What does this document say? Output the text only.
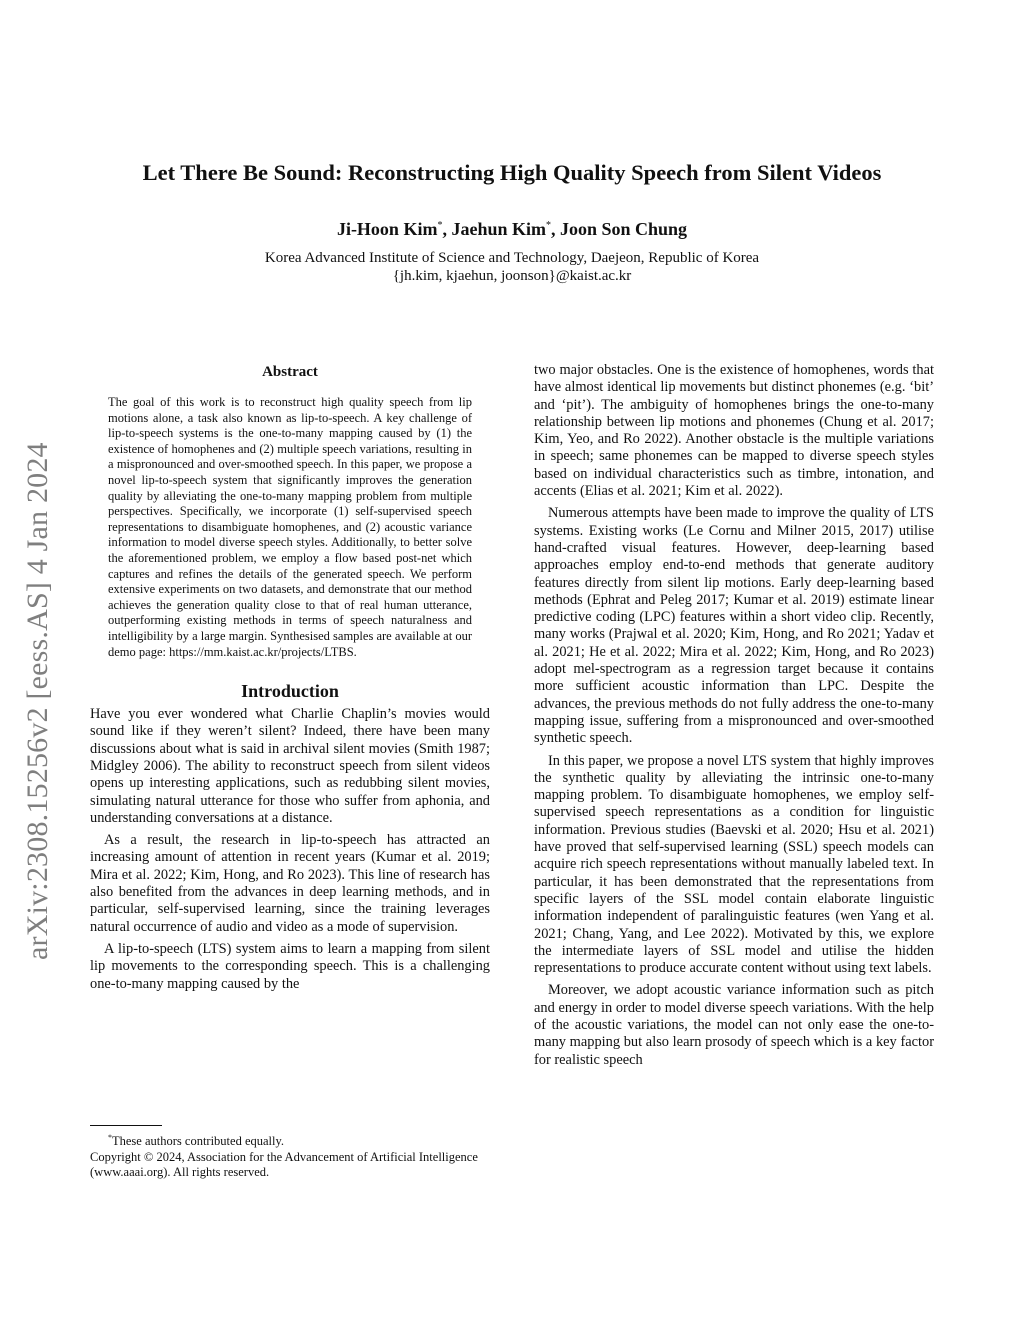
arXiv:2308.15256v2 [eess.AS] 4 Jan 2024
Let There Be Sound: Reconstructing High Quality Speech from Silent Videos
Ji-Hoon Kim*, Jaehun Kim*, Joon Son Chung
Korea Advanced Institute of Science and Technology, Daejeon, Republic of Korea
{jh.kim, kjaehun, joonson}@kaist.ac.kr
Abstract

The goal of this work is to reconstruct high quality speech from lip motions alone, a task also known as lip-to-speech. A key challenge of lip-to-speech systems is the one-to-many mapping caused by (1) the existence of homophenes and (2) multiple speech variations, resulting in a mispronounced and over-smoothed speech. In this paper, we propose a novel lip-to-speech system that significantly improves the generation quality by alleviating the one-to-many mapping problem from multiple perspectives. Specifically, we incorporate (1) self-supervised speech representations to disambiguate homophenes, and (2) acoustic variance information to model diverse speech styles. Additionally, to better solve the aforementioned problem, we employ a flow based post-net which captures and refines the details of the generated speech. We perform extensive experiments on two datasets, and demonstrate that our method achieves the generation quality close to that of real human utterance, outperforming existing methods in terms of speech naturalness and intelligibility by a large margin. Synthesised samples are available at our demo page: https://mm.kaist.ac.kr/projects/LTBS.

Introduction

Have you ever wondered what Charlie Chaplin’s movies would sound like if they weren’t silent? Indeed, there have been many discussions about what is said in archival silent movies (Smith 1987; Midgley 2006). The ability to reconstruct speech from silent videos opens up interesting applications, such as redubbing silent movies, simulating natural utterance for those who suffer from aphonia, and understanding conversations at a distance.

As a result, the research in lip-to-speech has attracted an increasing amount of attention in recent years (Kumar et al. 2019; Mira et al. 2022; Kim, Hong, and Ro 2023). This line of research has also benefited from the advances in deep learning methods, and in particular, self-supervised learning, since the training leverages natural occurrence of audio and video as a mode of supervision.

A lip-to-speech (LTS) system aims to learn a mapping from silent lip movements to the corresponding speech. This is a challenging one-to-many mapping caused by the

*These authors contributed equally.
Copyright © 2024, Association for the Advancement of Artificial Intelligence (www.aaai.org). All rights reserved.

two major obstacles. One is the existence of homophenes, words that have almost identical lip movements but distinct phonemes (e.g. ‘bit’ and ‘pit’). The ambiguity of homophenes brings the one-to-many relationship between lip motions and phonemes (Chung et al. 2017; Kim, Yeo, and Ro 2022). Another obstacle is the multiple variations in speech; same phonemes can be mapped to diverse speech styles based on individual characteristics such as timbre, intonation, and accents (Elias et al. 2021; Kim et al. 2022).

Numerous attempts have been made to improve the quality of LTS systems. Existing works (Le Cornu and Milner 2015, 2017) utilise hand-crafted visual features. However, deep-learning based approaches employ end-to-end methods that generate auditory features directly from silent lip motions. Early deep-learning based methods (Ephrat and Peleg 2017; Kumar et al. 2019) estimate linear predictive coding (LPC) features within a short video clip. Recently, many works (Prajwal et al. 2020; Kim, Hong, and Ro 2021; Yadav et al. 2021; He et al. 2022; Mira et al. 2022; Kim, Hong, and Ro 2023) adopt mel-spectrogram as a regression target because it contains more sufficient acoustic information than LPC. Despite the advances, the previous methods do not fully address the one-to-many mapping issue, suffering from a mispronounced and over-smoothed synthetic speech.

In this paper, we propose a novel LTS system that highly improves the synthetic quality by alleviating the intrinsic one-to-many mapping problem. To disambiguate homophenes, we employ self-supervised speech representations as a condition for linguistic information. Previous studies (Baevski et al. 2020; Hsu et al. 2021) have proved that self-supervised learning (SSL) speech models can acquire rich speech representations without manually labeled text. In particular, it has been demonstrated that the representations from specific layers of the SSL model contain elaborate linguistic information independent of paralinguistic features (wen Yang et al. 2021; Chang, Yang, and Lee 2022). Motivated by this, we explore the intermediate layers of SSL model and utilise the hidden representations to produce accurate content without using text labels.

Moreover, we adopt acoustic variance information such as pitch and energy in order to model diverse speech variations. With the help of the acoustic variations, the model can not only ease the one-to-many mapping but also learn prosody of speech which is a key factor for realistic speech
